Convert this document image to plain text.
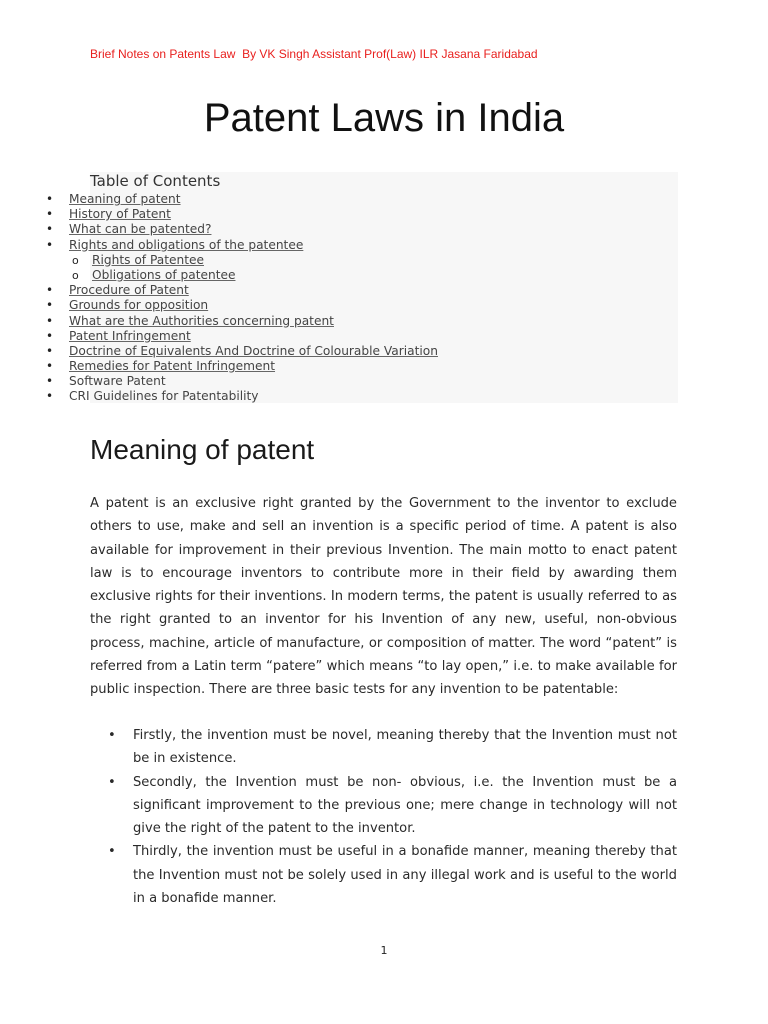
Brief Notes on Patents Law  By VK Singh Assistant Prof(Law) ILR Jasana Faridabad
Patent Laws in India
Table of Contents
• Meaning of patent
• History of Patent
• What can be patented?
• Rights and obligations of the patentee
o Rights of Patentee
o Obligations of patentee
• Procedure of Patent
• Grounds for opposition
• What are the Authorities concerning patent
• Patent Infringement
• Doctrine of Equivalents And Doctrine of Colourable Variation
• Remedies for Patent Infringement
• Software Patent
• CRI Guidelines for Patentability
Meaning of patent

A patent is an exclusive right granted by the Government to the inventor to exclude others to use, make and sell an invention is a specific period of time. A patent is also available for improvement in their previous Invention. The main motto to enact patent law is to encourage inventors to contribute more in their field by awarding them exclusive rights for their inventions. In modern terms, the patent is usually referred to as the right granted to an inventor for his Invention of any new, useful, non-obvious process, machine, article of manufacture, or composition of matter. The word “patent” is referred from a Latin term “patere” which means “to lay open,” i.e. to make available for public inspection. There are three basic tests for any invention to be patentable:

• Firstly, the invention must be novel, meaning thereby that the Invention must not be in existence.
• Secondly, the Invention must be non- obvious, i.e. the Invention must be a significant improvement to the previous one; mere change in technology will not give the right of the patent to the inventor.
• Thirdly, the invention must be useful in a bonafide manner, meaning thereby that the Invention must not be solely used in any illegal work and is useful to the world in a bonafide manner.
1
